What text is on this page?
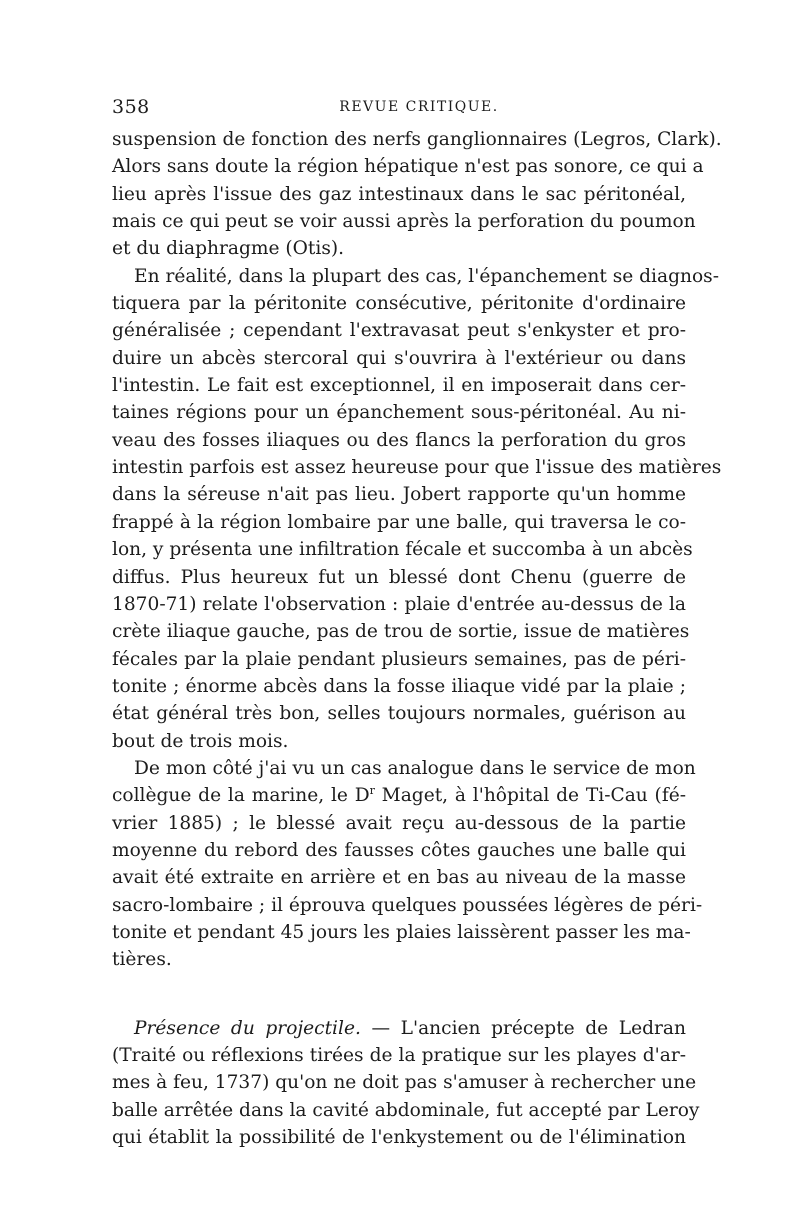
358	REVUE CRITIQUE.
suspension de fonction des nerfs ganglionnaires (Legros, Clark).
Alors sans doute la région hépatique n'est pas sonore, ce qui a
lieu après l'issue des gaz intestinaux dans le sac péritonéal,
mais ce qui peut se voir aussi après la perforation du poumon
et du diaphragme (Otis).
En réalité, dans la plupart des cas, l'épanchement se diagnos-
tiquera par la péritonite consécutive, péritonite d'ordinaire
généralisée ; cependant l'extravasat peut s'enkyster et pro-
duire un abcès stercoral qui s'ouvrira à l'extérieur ou dans
l'intestin. Le fait est exceptionnel, il en imposerait dans cer-
taines régions pour un épanchement sous-péritonéal. Au ni-
veau des fosses iliaques ou des flancs la perforation du gros
intestin parfois est assez heureuse pour que l'issue des matières
dans la séreuse n'ait pas lieu. Jobert rapporte qu'un homme
frappé à la région lombaire par une balle, qui traversa le co-
lon, y présenta une infiltration fécale et succomba à un abcès
diffus. Plus heureux fut un blessé dont Chenu (guerre de
1870-71) relate l'observation : plaie d'entrée au-dessus de la
crète iliaque gauche, pas de trou de sortie, issue de matières
fécales par la plaie pendant plusieurs semaines, pas de péri-
tonite ; énorme abcès dans la fosse iliaque vidé par la plaie ;
état général très bon, selles toujours normales, guérison au
bout de trois mois.
De mon côté j'ai vu un cas analogue dans le service de mon
collègue de la marine, le $D^r$ Maget, à l'hôpital de Ti-Cau (fé-
vrier 1885) ; le blessé avait reçu au-dessous de la partie
moyenne du rebord des fausses côtes gauches une balle qui
avait été extraite en arrière et en bas au niveau de la masse
sacro-lombaire ; il éprouva quelques poussées légères de péri-
tonite et pendant 45 jours les plaies laissèrent passer les ma-
tières.
Présence du projectile. — L'ancien précepte de Ledran
(Traité ou réflexions tirées de la pratique sur les playes d'ar-
mes à feu, 1737) qu'on ne doit pas s'amuser à rechercher une
balle arrêtée dans la cavité abdominale, fut accepté par Leroy
qui établit la possibilité de l'enkystement ou de l'élimination
